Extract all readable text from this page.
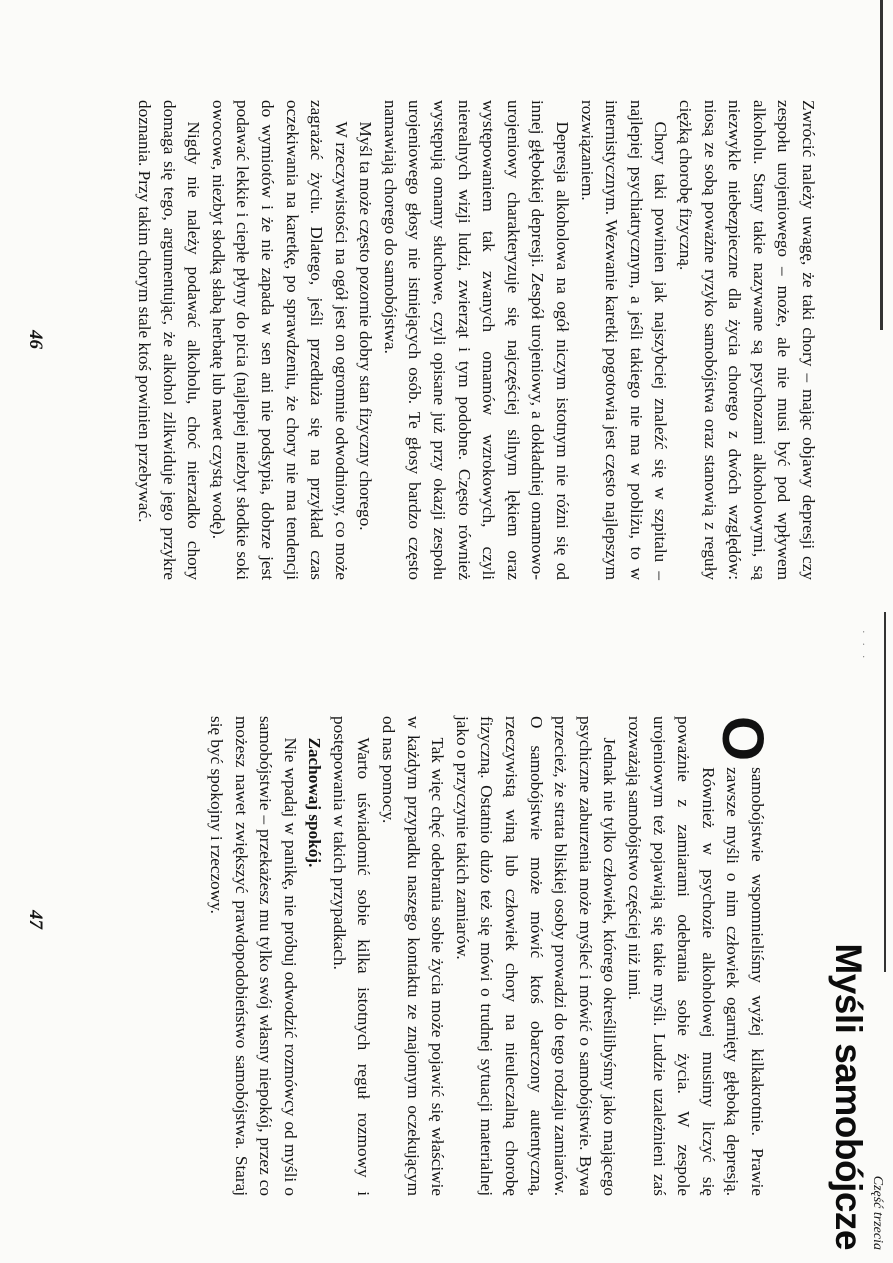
Zwrócić należy uwagę, że taki chory – mając objawy depresji czy zespołu urojeniowego – może, ale nie musi być pod wpływem alkoholu. Stany takie nazywane są psychozami alkoholowymi, są niezwykle niebezpieczne dla życia chorego z dwóch względów: niosą ze sobą poważne ryzyko samobójstwa oraz stanowią z reguły ciężką chorobę fizyczną.

Chory taki powinien jak najszybciej znaleźć się w szpitalu – najlepiej psychiatrycznym, a jeśli takiego nie ma w pobliżu, to w internistycznym. Wezwanie karetki pogotowia jest często najlepszym rozwiązaniem.

Depresja alkoholowa na ogół niczym istotnym nie różni się od innej głębokiej depresji. Zespół urojeniowy, a dokładniej omamowo-urojeniowy charakteryzuje się najczęściej silnym lękiem oraz występowaniem tak zwanych omamów wzrokowych, czyli nierealnych wizji ludzi, zwierząt i tym podobne. Często również występują omamy słuchowe, czyli opisane już przy okazji zespołu urojeniowego głosy nie istniejących osób. Te głosy bardzo często namawiają chorego do samobójstwa.

Myśl ta może często pozornie dobry stan fizyczny chorego.

W rzeczywistości na ogół jest on ogromnie odwodniony, co może zagrażać życiu. Dlatego, jeśli przedłuża się na przykład czas oczekiwania na karetkę, po sprawdzeniu, że chory nie ma tendencji do wymiotów i że nie zapada w sen ani nie podsypia, dobrze jest podawać lekkie i ciepłe płyny do picia (najlepiej niezbyt słodkie soki owocowe, niezbyt słodką słabą herbatę lub nawet czystą wodę).

Nigdy nie należy podawać alkoholu, choć nierzadko chory domaga się tego, argumentując, że alkohol zlikwiduje jego przykre doznania. Przy takim chorym stale ktoś powinien przebywać.

46
· · ·
Część trzecia
Myśli samobójcze

O
samobójstwie wspomnieliśmy wyżej kilkakrotnie. Prawie zawsze myśli o nim człowiek ogarnięty głęboką depresją. Również w psychozie alkoholowej musimy liczyć się poważnie z zamiarami odebrania sobie życia. W zespole urojeniowym też pojawiają się takie myśli. Ludzie uzależnieni zaś rozważają samobójstwo częściej niż inni.

Jednak nie tylko człowiek, którego określilibyśmy jako mającego psychiczne zaburzenia może myśleć i mówić o samobójstwie. Bywa przecież, że strata bliskiej osoby prowadzi do tego rodzaju zamiarów. O samobójstwie może mówić ktoś obarczony autentyczną, rzeczywistą winą lub człowiek chory na nieuleczalną chorobę fizyczną. Ostatnio dużo też się mówi o trudnej sytuacji materialnej jako o przyczynie takich zamiarów.

Tak więc chęć odebrania sobie życia może pojawić się właściwie w każdym przypadku naszego kontaktu ze znajomym oczekującym od nas pomocy.

Warto uświadomić sobie kilka istotnych reguł rozmowy i postępowania w takich przypadkach.

Zachowaj spokój.

Nie wpadaj w panikę, nie próbuj odwodzić rozmówcy od myśli o samobójstwie – przekażesz mu tylko swój własny niepokój, przez co możesz nawet zwiększyć prawdopodobieństwo samobójstwa. Staraj się być spokojny i rzeczowy.

47
